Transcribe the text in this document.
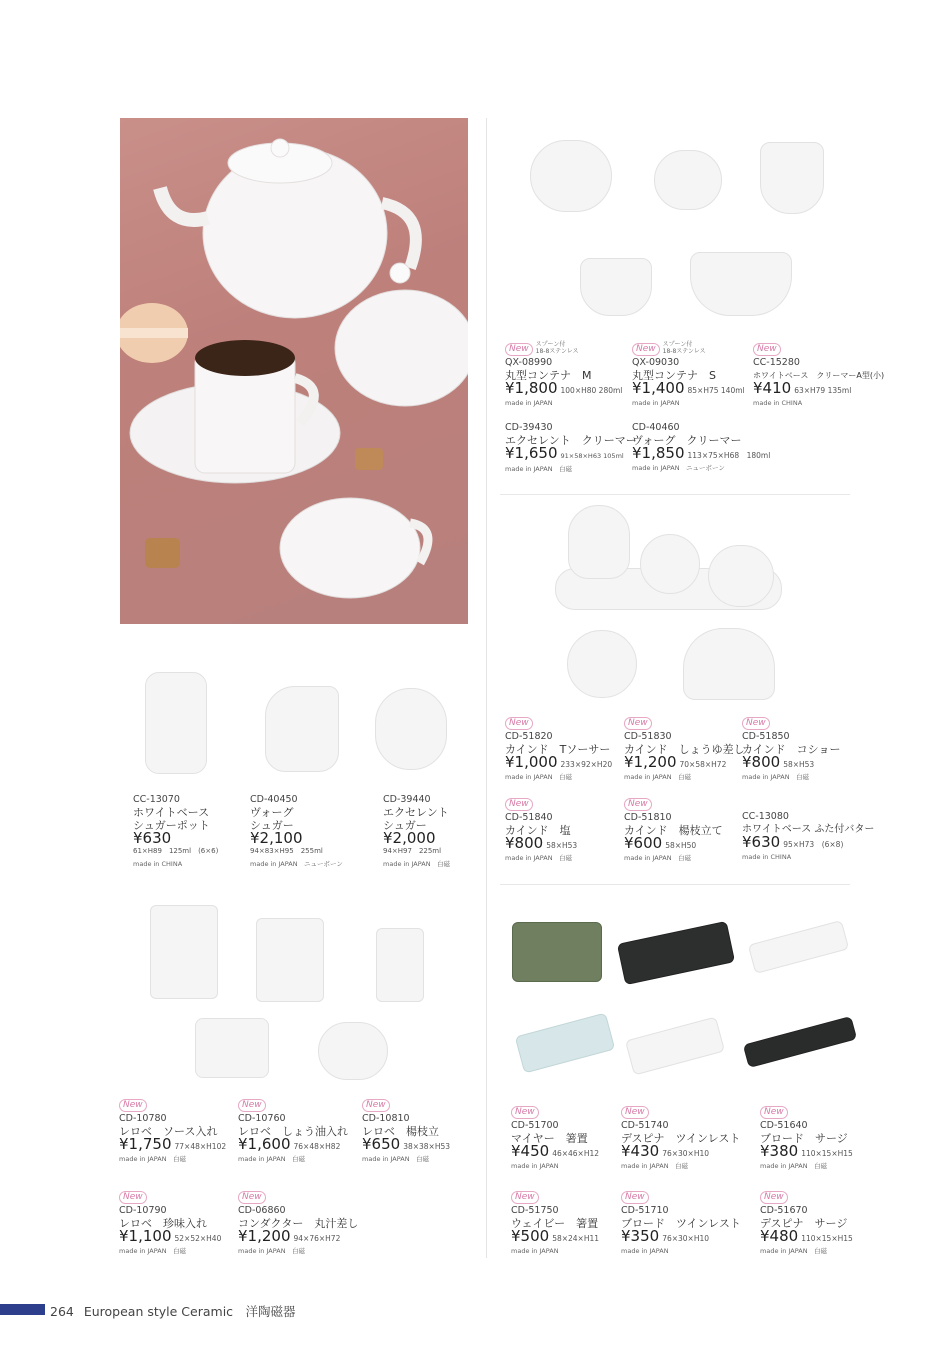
New スプーン付
18-8ステンレス
QX-08990
丸型コンテナ　M
¥1,800 100×H80 280ml
made in JAPAN
New スプーン付
18-8ステンレス
QX-09030
丸型コンテナ　S
¥1,400 85×H75 140ml
made in JAPAN
New
CC-15280
ホワイトベース　クリーマーA型(小)
¥410 63×H79 135ml
made in CHINA
CD-39430
エクセレント　クリーマー
¥1,650 91×58×H63 105ml
made in JAPAN　白磁
CD-40460
ヴォーグ　クリーマー
¥1,850 113×75×H68　180ml
made in JAPAN　ニューボーン
New
CD-51820
カインド　Tソーサー
¥1,000 233×92×H20
made in JAPAN　白磁
New
CD-51830
カインド　しょうゆ差し
¥1,200 70×58×H72
made in JAPAN　白磁
New
CD-51850
カインド　コショー
¥800 58×H53
made in JAPAN　白磁
New
CD-51840
カインド　塩
¥800 58×H53
made in JAPAN　白磁
New
CD-51810
カインド　楊枝立て
¥600 58×H50
made in JAPAN　白磁
CC-13080
ホワイトベース ふた付バター
¥630 95×H73　(6×8)
made in CHINA
CC-13070
ホワイトベース
シュガーポット
¥630
61×H89　125ml　(6×6)
made in CHINA
CD-40450
ヴォーグ
シュガー
¥2,100
94×83×H95　255ml
made in JAPAN　ニューボーン
CD-39440
エクセレント
シュガー
¥2,000
94×H97　225ml
made in JAPAN　白磁
New
CD-10780
レロベ　ソース入れ
¥1,750 77×48×H102
made in JAPAN　白磁
New
CD-10760
レロベ　しょう油入れ
¥1,600 76×48×H82
made in JAPAN　白磁
New
CD-10810
レロベ　楊枝立
¥650 38×38×H53
made in JAPAN　白磁
New
CD-10790
レロベ　珍味入れ
¥1,100 52×52×H40
made in JAPAN　白磁
New
CD-06860
コンダクター　丸汁差し
¥1,200 94×76×H72
made in JAPAN　白磁
New
CD-51700
マイヤー　箸置
¥450 46×46×H12
made in JAPAN
New
CD-51740
デスピナ　ツインレスト
¥430 76×30×H10
made in JAPAN　白磁
New
CD-51640
ブロード　サージ
¥380 110×15×H15
made in JAPAN　白磁
New
CD-51750
ウェイビー　箸置
¥500 58×24×H11
made in JAPAN
New
CD-51710
ブロード　ツインレスト
¥350 76×30×H10
made in JAPAN
New
CD-51670
デスピナ　サージ
¥480 110×15×H15
made in JAPAN　白磁
264 European style Ceramic　洋陶磁器
